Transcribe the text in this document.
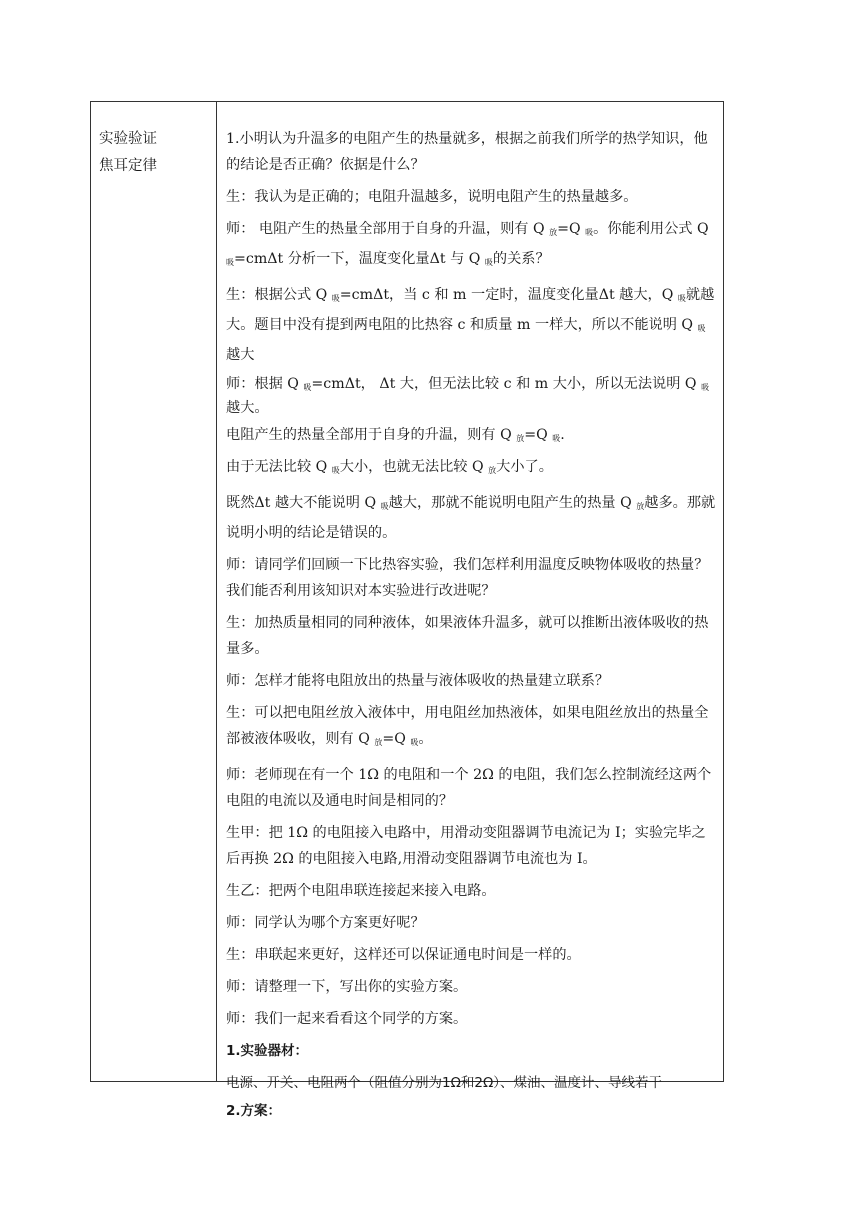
实验验证
焦耳定律

1.小明认为升温多的电阻产生的热量就多，根据之前我们所学的热学知识，他的结论是否正确？依据是什么？

生：我认为是正确的；电阻升温越多，说明电阻产生的热量越多。

师： 电阻产生的热量全部用于自身的升温，则有 Q $_放$=Q $_吸$。你能利用公式 Q $_吸$=cmΔt 分析一下，温度变化量Δt 与 Q $_吸$的关系？

生：根据公式 Q $_吸$=cmΔt，当 c 和 m 一定时，温度变化量Δt 越大，Q $_吸$就越大。题目中没有提到两电阻的比热容 c 和质量 m 一样大，所以不能说明 Q $_吸$越大

师：根据 Q $_吸$=cmΔt， Δt 大，但无法比较 c 和 m 大小，所以无法说明 Q $_吸$越大。

电阻产生的热量全部用于自身的升温，则有 Q $_放$=Q $_吸$.

由于无法比较 Q $_吸$大小，也就无法比较 Q $_放$大小了。

既然Δt 越大不能说明 Q $_吸$越大，那就不能说明电阻产生的热量 Q $_放$越多。那就说明小明的结论是错误的。

师：请同学们回顾一下比热容实验，我们怎样利用温度反映物体吸收的热量？我们能否利用该知识对本实验进行改进呢？

生：加热质量相同的同种液体，如果液体升温多，就可以推断出液体吸收的热量多。

师：怎样才能将电阻放出的热量与液体吸收的热量建立联系？

生：可以把电阻丝放入液体中，用电阻丝加热液体，如果电阻丝放出的热量全部被液体吸收，则有 Q $_放$=Q $_吸$。

师：老师现在有一个 1Ω 的电阻和一个 2Ω 的电阻，我们怎么控制流经这两个电阻的电流以及通电时间是相同的？

生甲：把 1Ω 的电阻接入电路中，用滑动变阻器调节电流记为 I；实验完毕之后再换 2Ω 的电阻接入电路,用滑动变阻器调节电流也为 I。

生乙：把两个电阻串联连接起来接入电路。

师：同学认为哪个方案更好呢？

生：串联起来更好，这样还可以保证通电时间是一样的。

师：请整理一下，写出你的实验方案。

师：我们一起来看看这个同学的方案。

1.实验器材：

电源、开关、电阻两个（阻值分别为1Ω和2Ω）、煤油、温度计、导线若干

2.方案：
